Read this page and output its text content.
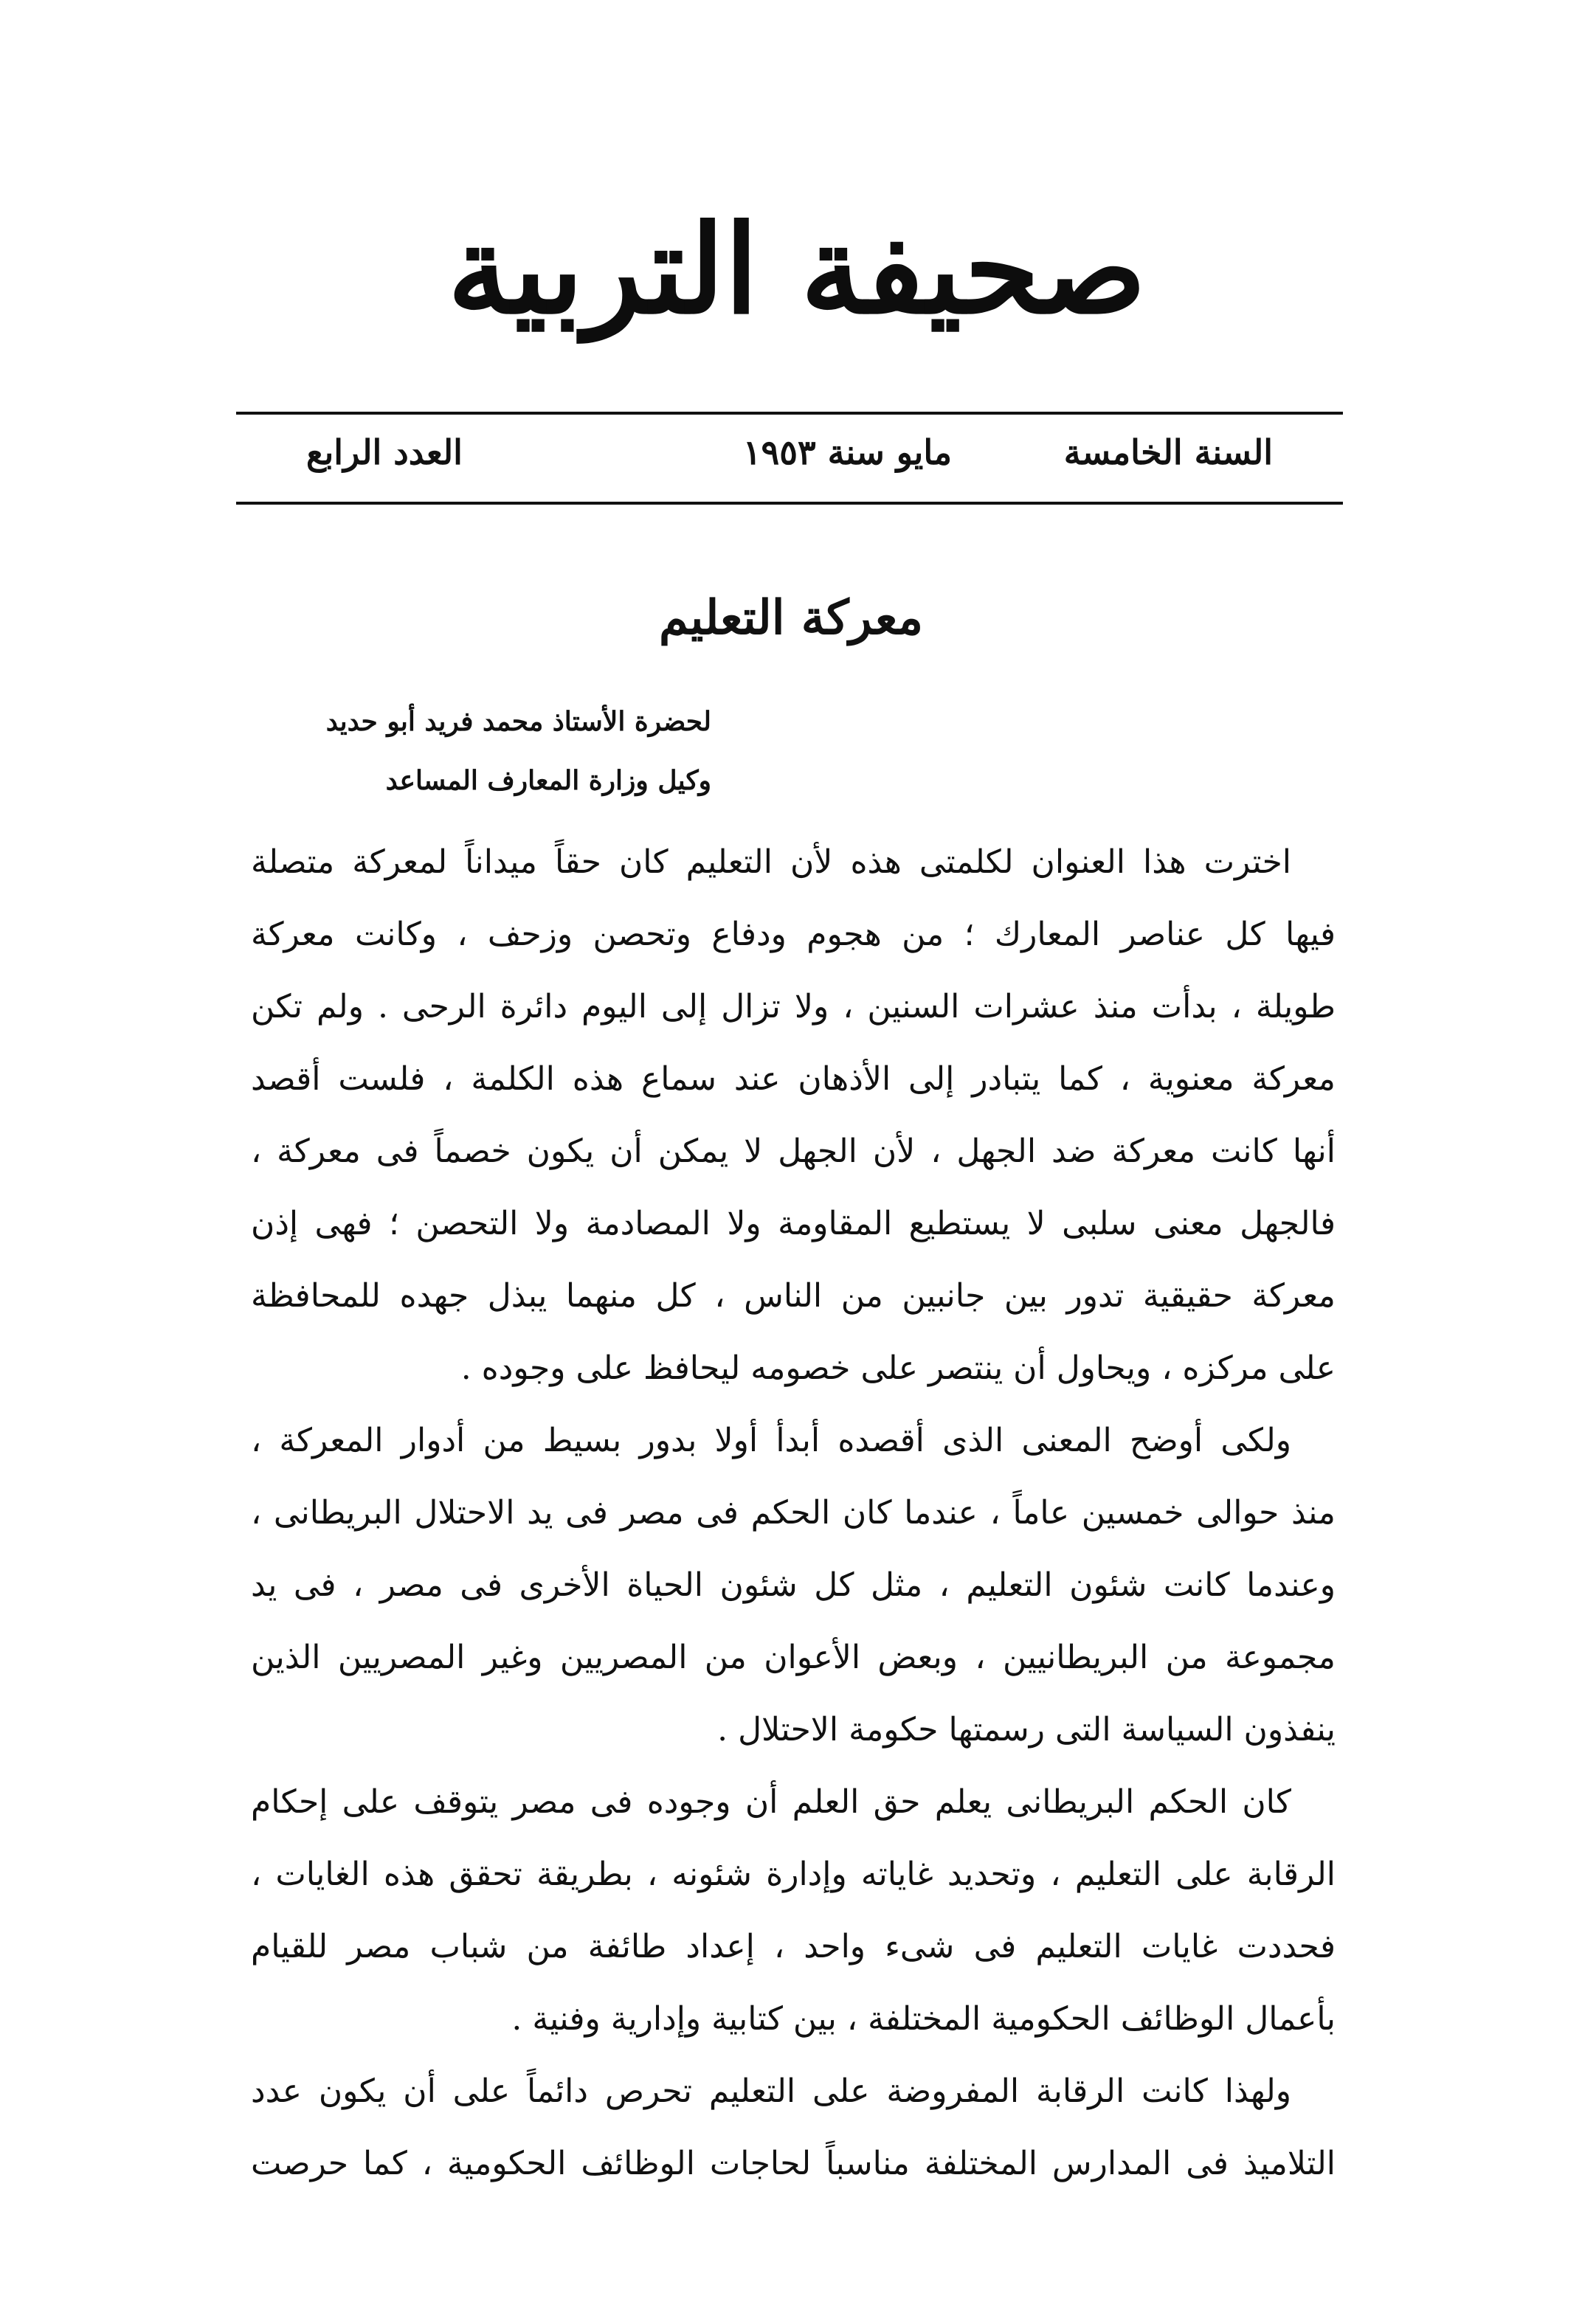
صحيفة التربية
السنة الخامسة
مايو سنة ١٩٥٣
العدد الرابع
معركة التعليم
لحضرة الأستاذ محمد فريد أبو حديد
وكيل وزارة المعارف المساعد
اخترت هذا العنوان لكلمتى هذه لأن التعليم كان حقاً ميداناً لمعركة متصلة
فيها كل عناصر المعارك ؛ من هجوم ودفاع وتحصن وزحف ، وكانت معركة
طويلة ، بدأت منذ عشرات السنين ، ولا تزال إلى اليوم دائرة الرحى . ولم تكن
معركة معنوية ، كما يتبادر إلى الأذهان عند سماع هذه الكلمة ، فلست أقصد
أنها كانت معركة ضد الجهل ، لأن الجهل لا يمكن أن يكون خصماً فى معركة ،
فالجهل معنى سلبى لا يستطيع المقاومة ولا المصادمة ولا التحصن ؛ فهى إذن
معركة حقيقية تدور بين جانبين من الناس ، كل منهما يبذل جهده للمحافظة
على مركزه ، ويحاول أن ينتصر على خصومه ليحافظ على وجوده .
ولكى أوضح المعنى الذى أقصده أبدأ أولا بدور بسيط من أدوار المعركة ،
منذ حوالى خمسين عاماً ، عندما كان الحكم فى مصر فى يد الاحتلال البريطانى ،
وعندما كانت شئون التعليم ، مثل كل شئون الحياة الأخرى فى مصر ، فى يد
مجموعة من البريطانيين ، وبعض الأعوان من المصريين وغير المصريين الذين
ينفذون السياسة التى رسمتها حكومة الاحتلال .
كان الحكم البريطانى يعلم حق العلم أن وجوده فى مصر يتوقف على إحكام
الرقابة على التعليم ، وتحديد غاياته وإدارة شئونه ، بطريقة تحقق هذه الغايات ،
فحددت غايات التعليم فى شىء واحد ، إعداد طائفة من شباب مصر للقيام
بأعمال الوظائف الحكومية المختلفة ، بين كتابية وإدارية وفنية .
ولهذا كانت الرقابة المفروضة على التعليم تحرص دائماً على أن يكون عدد
التلاميذ فى المدارس المختلفة مناسباً لحاجات الوظائف الحكومية ، كما حرصت
